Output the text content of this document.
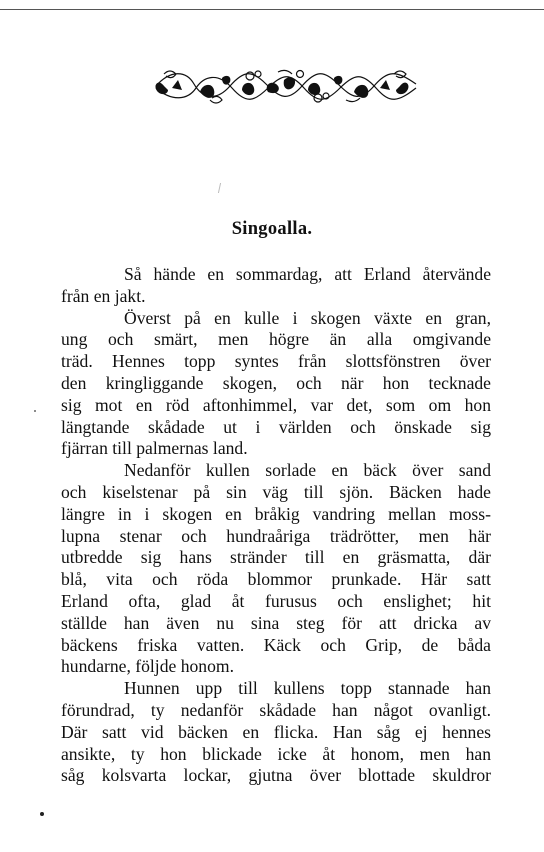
Singoalla.
Så hände en sommardag, att Erland återvände
från en jakt.
Överst på en kulle i skogen växte en gran,
ung och smärt, men högre än alla omgivande
träd. Hennes topp syntes från slottsfönstren över
den kringliggande skogen, och när hon tecknade
sig mot en röd aftonhimmel, var det, som om hon
längtande skådade ut i världen och önskade sig
fjärran till palmernas land.
Nedanför kullen sorlade en bäck över sand
och kiselstenar på sin väg till sjön. Bäcken hade
längre in i skogen en bråkig vandring mellan moss-
lupna stenar och hundraåriga trädrötter, men här
utbredde sig hans stränder till en gräsmatta, där
blå, vita och röda blommor prunkade. Här satt
Erland ofta, glad åt furusus och enslighet; hit
ställde han även nu sina steg för att dricka av
bäckens friska vatten. Käck och Grip, de båda
hundarne, följde honom.
Hunnen upp till kullens topp stannade han
förundrad, ty nedanför skådade han något ovanligt.
Där satt vid bäcken en flicka. Han såg ej hennes
ansikte, ty hon blickade icke åt honom, men han
såg kolsvarta lockar, gjutna över blottade skuldror
